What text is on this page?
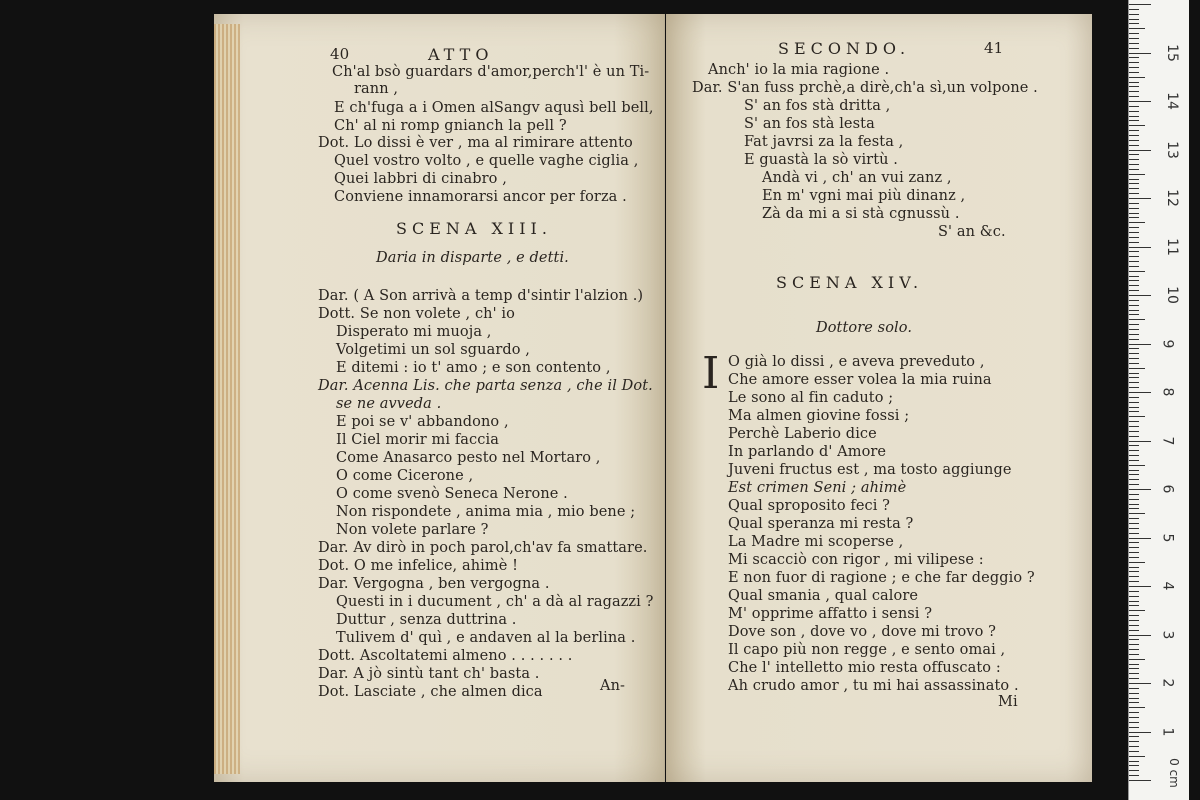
40	ATTO
Ch'al bsò guardars d'amor,perch'l' è un Ti-
rann ,
E ch'fuga a i Omen alSangv aqusì bell bell,
Ch' al ni romp gnianch la pell ?
Dot. Lo dissi è ver , ma al rimirare attento
Quel vostro volto , e quelle vaghe ciglia ,
Quei labbri di cinabro ,
Conviene innamorarsi ancor per forza .
SCENA XIII.
Daria in disparte , e detti.
Dar. ( A Son arrivà a temp d'sintir l'alzion .)
Dott. Se non volete , ch' io
Disperato mi muoja ,
Volgetimi un sol sguardo ,
E ditemi : io t' amo ; e son contento ,
Dar. Acenna Lis. che parta senza , che il Dot.
se ne avveda .
E poi se v' abbandono ,
Il Ciel morir mi faccia
Come Anasarco pesto nel Mortaro ,
O come Cicerone ,
O come svenò Seneca Nerone .
Non rispondete , anima mia , mio bene ;
Non volete parlare ?
Dar. Av dirò in poch parol,ch'av fa smattare.
Dot. O me infelice, ahimè !
Dar. Vergogna , ben vergogna .
Questi in i ducument , ch' a dà al ragazzi ?
Duttur , senza duttrina .
Tulivem d' quì , e andaven al la berlina .
Dott. Ascoltatemi almeno . . . . . . .
Dar. A jò sintù tant ch' basta .
Dot. Lasciate , che almen dica	An-
SECONDO.	41
Anch' io la mia ragione .
Dar. S'an fuss prchè,a dirè,ch'a sì,un volpone .
S' an fos stà dritta ,
S' an fos stà lesta
Fat javrsi za la festa ,
E guastà la sò virtù .
Andà vi , ch' an vui zanz ,
En m' vgni mai più dinanz ,
Zà da mi a si stà cgnussù .
S' an &c.
SCENA XIV.
Dottore solo.
I O già lo dissi , e aveva preveduto ,
Che amore esser volea la mia ruina
Le sono al fin caduto ;
Ma almen giovine fossi ;
Perchè Laberio dice
In parlando d' Amore
Juveni fructus est , ma tosto aggiunge
Est crimen Seni ; ahimè
Qual sproposito feci ?
Qual speranza mi resta ?
La Madre mi scoperse ,
Mi scacciò con rigor , mi vilipese :
E non fuor di ragione ; e che far deggio ?
Qual smania , qual calore
M' opprime affatto i sensi ?
Dove son , dove vo , dove mi trovo ?
Il capo più non regge , e sento omai ,
Che l' intelletto mio resta offuscato :
Ah crudo amor , tu mi hai assassinato .
Mi
0 cm
1
2
3
4
5
6
7
8
9
10
11
12
13
14
15
